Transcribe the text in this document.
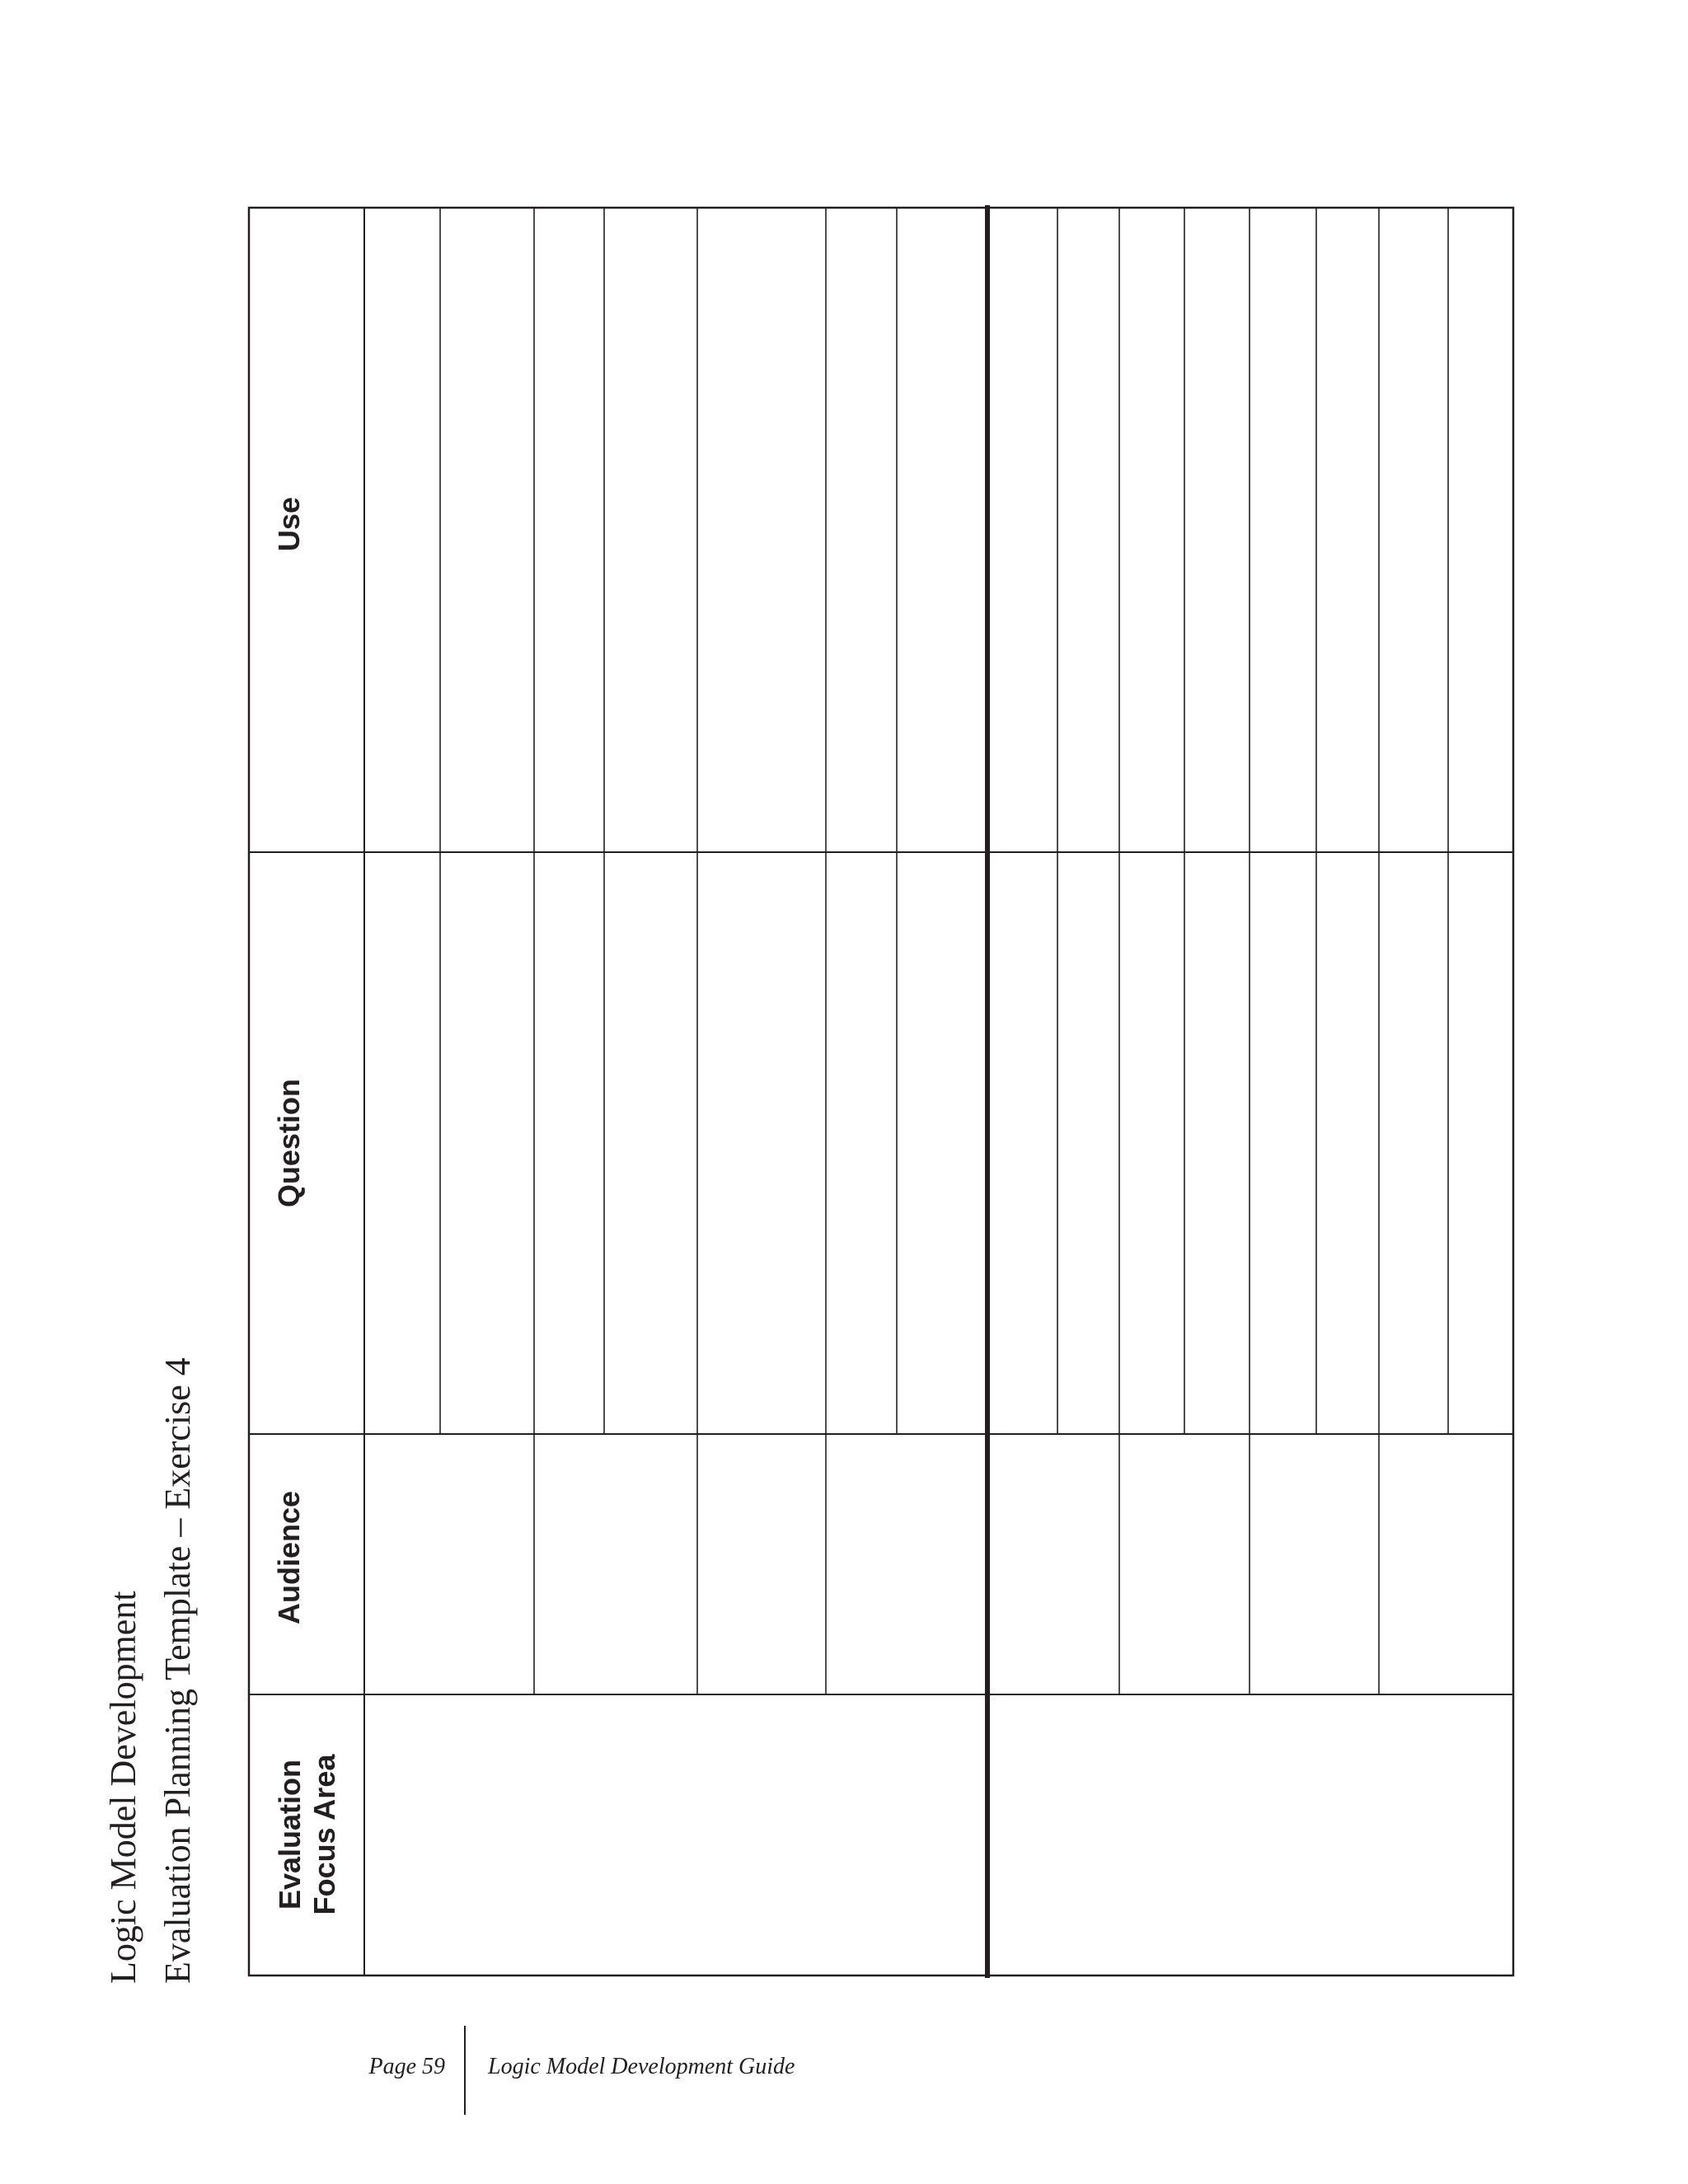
Logic Model Development Evaluation Planning Template – Exercise 4	Evaluation Focus Area
Audience
Question
Use
Page 59 Logic Model Development Guide
